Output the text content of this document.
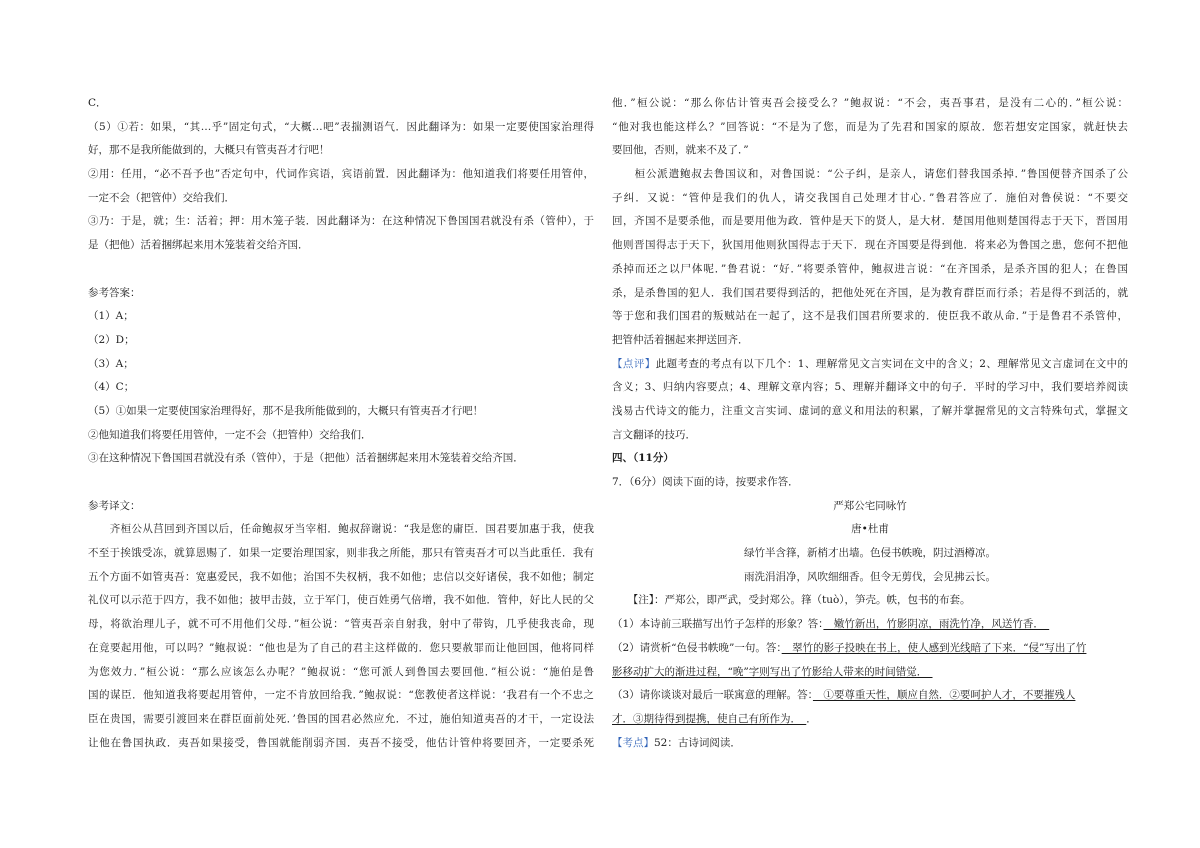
C．
（5）①若：如果，“其…乎”固定句式，“大概…吧”表揣测语气．因此翻译为：如果一定要使国家治理得
好，那不是我所能做到的，大概只有管夷吾才行吧！
②用：任用，“必不吾予也”否定句中，代词作宾语，宾语前置．因此翻译为：他知道我们将要任用管仲，
一定不会（把管仲）交给我们．
③乃：于是，就；生：活着；押：用木笼子装．因此翻译为：在这种情况下鲁国国君就没有杀（管仲），于
是（把他）活着捆绑起来用木笼装着交给齐国．
参考答案：
（1）A；
（2）D；
（3）A；
（4）C；
（5）①如果一定要使国家治理得好，那不是我所能做到的，大概只有管夷吾才行吧！
②他知道我们将要任用管仲，一定不会（把管仲）交给我们．
③在这种情况下鲁国国君就没有杀（管仲），于是（把他）活着捆绑起来用木笼装着交给齐国．
参考译文：
　　齐桓公从莒回到齐国以后，任命鲍叔牙当宰相．鲍叔辞谢说：“我是您的庸臣．国君要加惠于我，使我
不至于挨饿受冻，就算恩赐了．如果一定要治理国家，则非我之所能，那只有管夷吾才可以当此重任．我有
五个方面不如管夷吾：宽惠爱民，我不如他；治国不失权柄，我不如他；忠信以交好诸侯，我不如他；制定
礼仪可以示范于四方，我不如他；披甲击鼓，立于军门，使百姓勇气倍增，我不如他．管仲，好比人民的父
母，将欲治理儿子，就不可不用他们父母．”桓公说：“管夷吾亲自射我，射中了带钩，几乎使我丧命，现
在竟要起用他，可以吗？”鲍叔说：“他也是为了自己的君主这样做的．您只要赦罪而让他回国，他将同样
为您效力．”桓公说：“那么应该怎么办呢？”鲍叔说：“您可派人到鲁国去要回他．”桓公说：“施伯是鲁
国的谋臣．他知道我将要起用管仲，一定不肯放回给我．”鲍叔说：“您教使者这样说：‘我君有一个不忠之
臣在贵国，需要引渡回来在群臣面前处死．’鲁国的国君必然应允．不过，施伯知道夷吾的才干，一定设法
让他在鲁国执政．夷吾如果接受，鲁国就能削弱齐国．夷吾不接受，他估计管仲将要回齐，一定要杀死
他．”桓公说：“那么你估计管夷吾会接受么？”鲍叔说：“不会，夷吾事君，是没有二心的．”桓公说：
“他对我也能这样么？”回答说：“不是为了您，而是为了先君和国家的原故．您若想安定国家，就赶快去
要回他，否则，就来不及了．”
　　桓公派遣鲍叔去鲁国议和，对鲁国说：“公子纠，是亲人，请您们替我国杀掉．”鲁国便替齐国杀了公
子纠．又说：“管仲是我们的仇人，请交我国自己处理才甘心．”鲁君答应了．施伯对鲁侯说：“不要交
回，齐国不是要杀他，而是要用他为政．管仲是天下的贤人，是大材．楚国用他则楚国得志于天下，晋国用
他则晋国得志于天下，狄国用他则狄国得志于天下．现在齐国要是得到他．将来必为鲁国之患，您何不把他
杀掉而还之以尸体呢．”鲁君说：“好．”将要杀管仲，鲍叔进言说：“在齐国杀，是杀齐国的犯人；在鲁国
杀，是杀鲁国的犯人．我们国君要得到活的，把他处死在齐国，是为教育群臣而行杀；若是得不到活的，就
等于您和我们国君的叛贼站在一起了，这不是我们国君所要求的．使臣我不敢从命．”于是鲁君不杀管仲，
把管仲活着捆起来押送回齐．
【点评】此题考查的考点有以下几个：1、理解常见文言实词在文中的含义；2、理解常见文言虚词在文中的
含义；3、归纳内容要点；4、理解文章内容；5、理解并翻译文中的句子．平时的学习中，我们要培养阅读
浅易古代诗文的能力，注重文言实词、虚词的意义和用法的积累，了解并掌握常见的文言特殊句式，掌握文
言文翻译的技巧．
四、（11分）
7．（6分）阅读下面的诗，按要求作答．
严郑公宅同咏竹
唐•杜甫
绿竹半含箨，新梢才出墙。色侵书帙晚，阴过酒樽凉。
雨洗涓涓净，风吹细细香。但令无剪伐，会见拂云长。
　　【注】：严郑公，即严武，受封郑公。箨（tuò），笋壳。帙，包书的布套。
（1）本诗前三联描写出竹子怎样的形象？答：　嫩竹新出，竹影阴凉，雨洗竹净，风送竹香．　
（2）请赏析“色侵书帙晚”一句。答：　翠竹的影子投映在书上，使人感到光线暗了下来．“侵”写出了竹
影移动扩大的渐进过程，“晚”字则写出了竹影给人带来的时间错觉．　
（3）请你谈谈对最后一联寓意的理解。答：　①要尊重天性，顺应自然．②要呵护人才，不要摧残人
才．③期待得到提携，使自己有所作为．　．
【考点】52：古诗词阅读．
